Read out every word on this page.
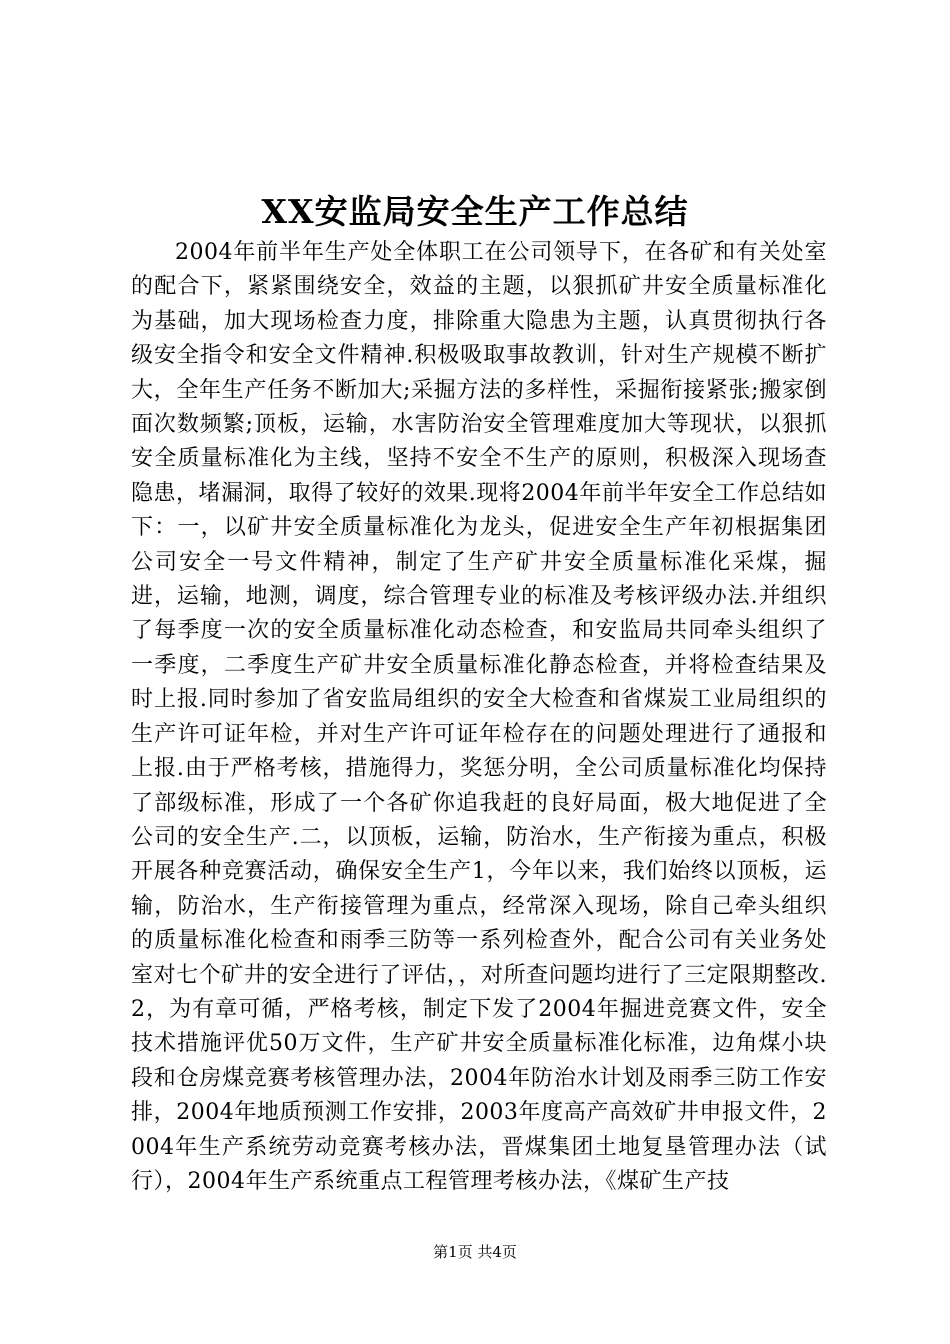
XX安监局安全生产工作总结
2004年前半年生产处全体职工在公司领导下，在各矿和有关处室的配合下，紧紧围绕安全，效益的主题，以狠抓矿井安全质量标准化为基础，加大现场检查力度，排除重大隐患为主题，认真贯彻执行各级安全指令和安全文件精神.积极吸取事故教训，针对生产规模不断扩大，全年生产任务不断加大;采掘方法的多样性，采掘衔接紧张;搬家倒面次数频繁;顶板，运输，水害防治安全管理难度加大等现状，以狠抓安全质量标准化为主线，坚持不安全不生产的原则，积极深入现场查隐患，堵漏洞，取得了较好的效果.现将2004年前半年安全工作总结如下：一，以矿井安全质量标准化为龙头，促进安全生产年初根据集团公司安全一号文件精神，制定了生产矿井安全质量标准化采煤，掘进，运输，地测，调度，综合管理专业的标准及考核评级办法.并组织了每季度一次的安全质量标准化动态检查，和安监局共同牵头组织了一季度，二季度生产矿井安全质量标准化静态检查，并将检查结果及时上报.同时参加了省安监局组织的安全大检查和省煤炭工业局组织的生产许可证年检，并对生产许可证年检存在的问题处理进行了通报和上报.由于严格考核，措施得力，奖惩分明，全公司质量标准化均保持了部级标准，形成了一个各矿你追我赶的良好局面，极大地促进了全公司的安全生产.二，以顶板，运输，防治水，生产衔接为重点，积极开展各种竞赛活动，确保安全生产1，今年以来，我们始终以顶板，运输，防治水，生产衔接管理为重点，经常深入现场，除自己牵头组织的质量标准化检查和雨季三防等一系列检查外，配合公司有关业务处室对七个矿井的安全进行了评估，，对所查问题均进行了三定限期整改.2，为有章可循，严格考核，制定下发了2004年掘进竞赛文件，安全技术措施评优50万文件，生产矿井安全质量标准化标准，边角煤小块段和仓房煤竞赛考核管理办法，2004年防治水计划及雨季三防工作安排，2004年地质预测工作安排，2003年度高产高效矿井申报文件，2004年生产系统劳动竞赛考核办法，晋煤集团土地复垦管理办法（试行），2004年生产系统重点工程管理考核办法，《煤矿生产技
第1页 共4页
